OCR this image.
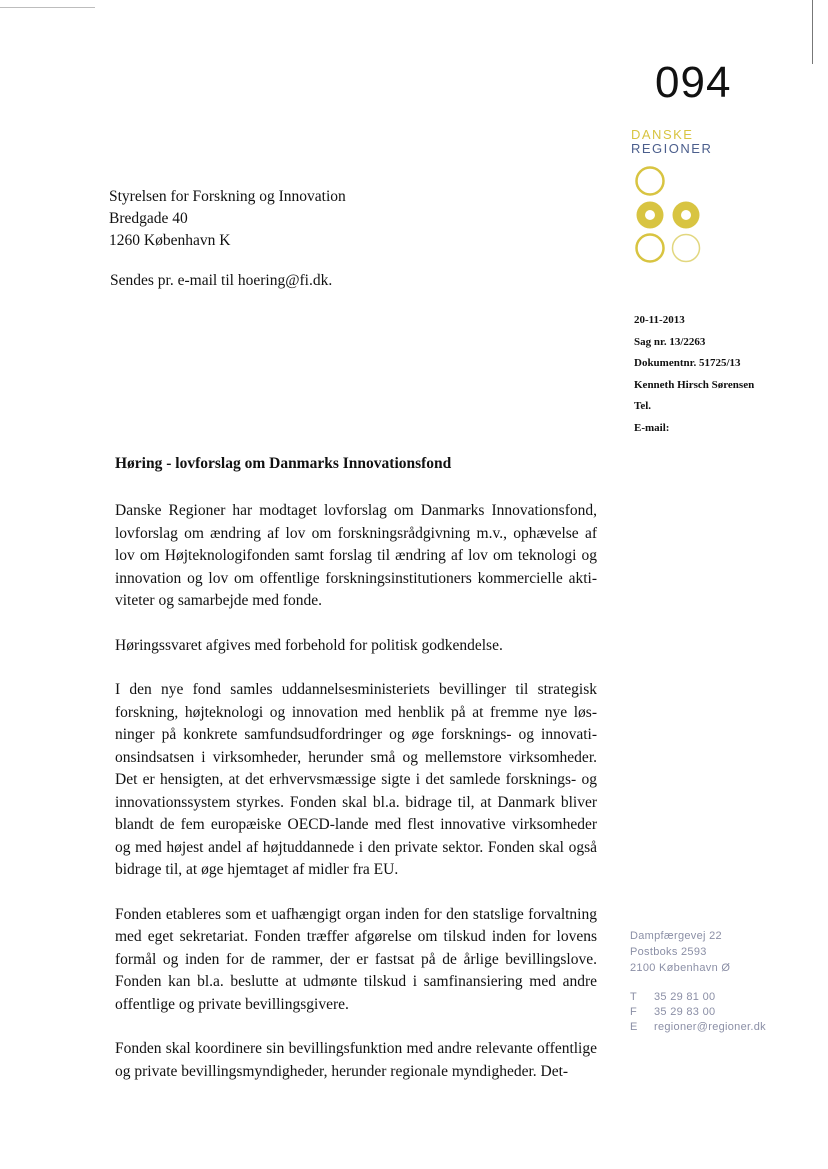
094
DANSKE
REGIONER
Styrelsen for Forskning og Innovation
Bredgade 40
1260 København K
Sendes pr. e-mail til hoering@fi.dk.
20-11-2013
Sag nr. 13/2263
Dokumentnr. 51725/13
Kenneth Hirsch Sørensen
Tel.
E-mail:
Høring - lovforslag om Danmarks Innovationsfond

Danske Regioner har modtaget lovforslag om Danmarks Innovationsfond, lovforslag om ændring af lov om forskningsrådgivning m.v., ophævelse af lov om Højteknologifonden samt forslag til ændring af lov om teknologi og innovation og lov om offentlige forskningsinstitutioners kommercielle aktiviteter og samarbejde med fonde.

Høringssvaret afgives med forbehold for politisk godkendelse.

I den nye fond samles uddannelsesministeriets bevillinger til strategisk forskning, højteknologi og innovation med henblik på at fremme nye løsninger på konkrete samfundsudfordringer og øge forsknings- og innovationsindsatsen i virksomheder, herunder små og mellemstore virksomheder. Det er hensigten, at det erhvervsmæssige sigte i det samlede forsknings- og innovationssystem styrkes. Fonden skal bl.a. bidrage til, at Danmark bliver blandt de fem europæiske OECD-lande med flest innovative virksomheder og med højest andel af højtuddannede i den private sektor. Fonden skal også bidrage til, at øge hjemtaget af midler fra EU.

Fonden etableres som et uafhængigt organ inden for den statslige forvaltning med eget sekretariat. Fonden træffer afgørelse om tilskud inden for lovens formål og inden for de rammer, der er fastsat på de årlige bevillingslove. Fonden kan bl.a. beslutte at udmønte tilskud i samfinansiering med andre offentlige og private bevillingsgivere.

Fonden skal koordinere sin bevillingsfunktion med andre relevante offentlige og private bevillingsmyndigheder, herunder regionale myndigheder. Det-

Dampfærgevej 22
Postboks 2593
2100 København Ø
T	35 29 81 00
F	35 29 83 00
E	regioner@regioner.dk
